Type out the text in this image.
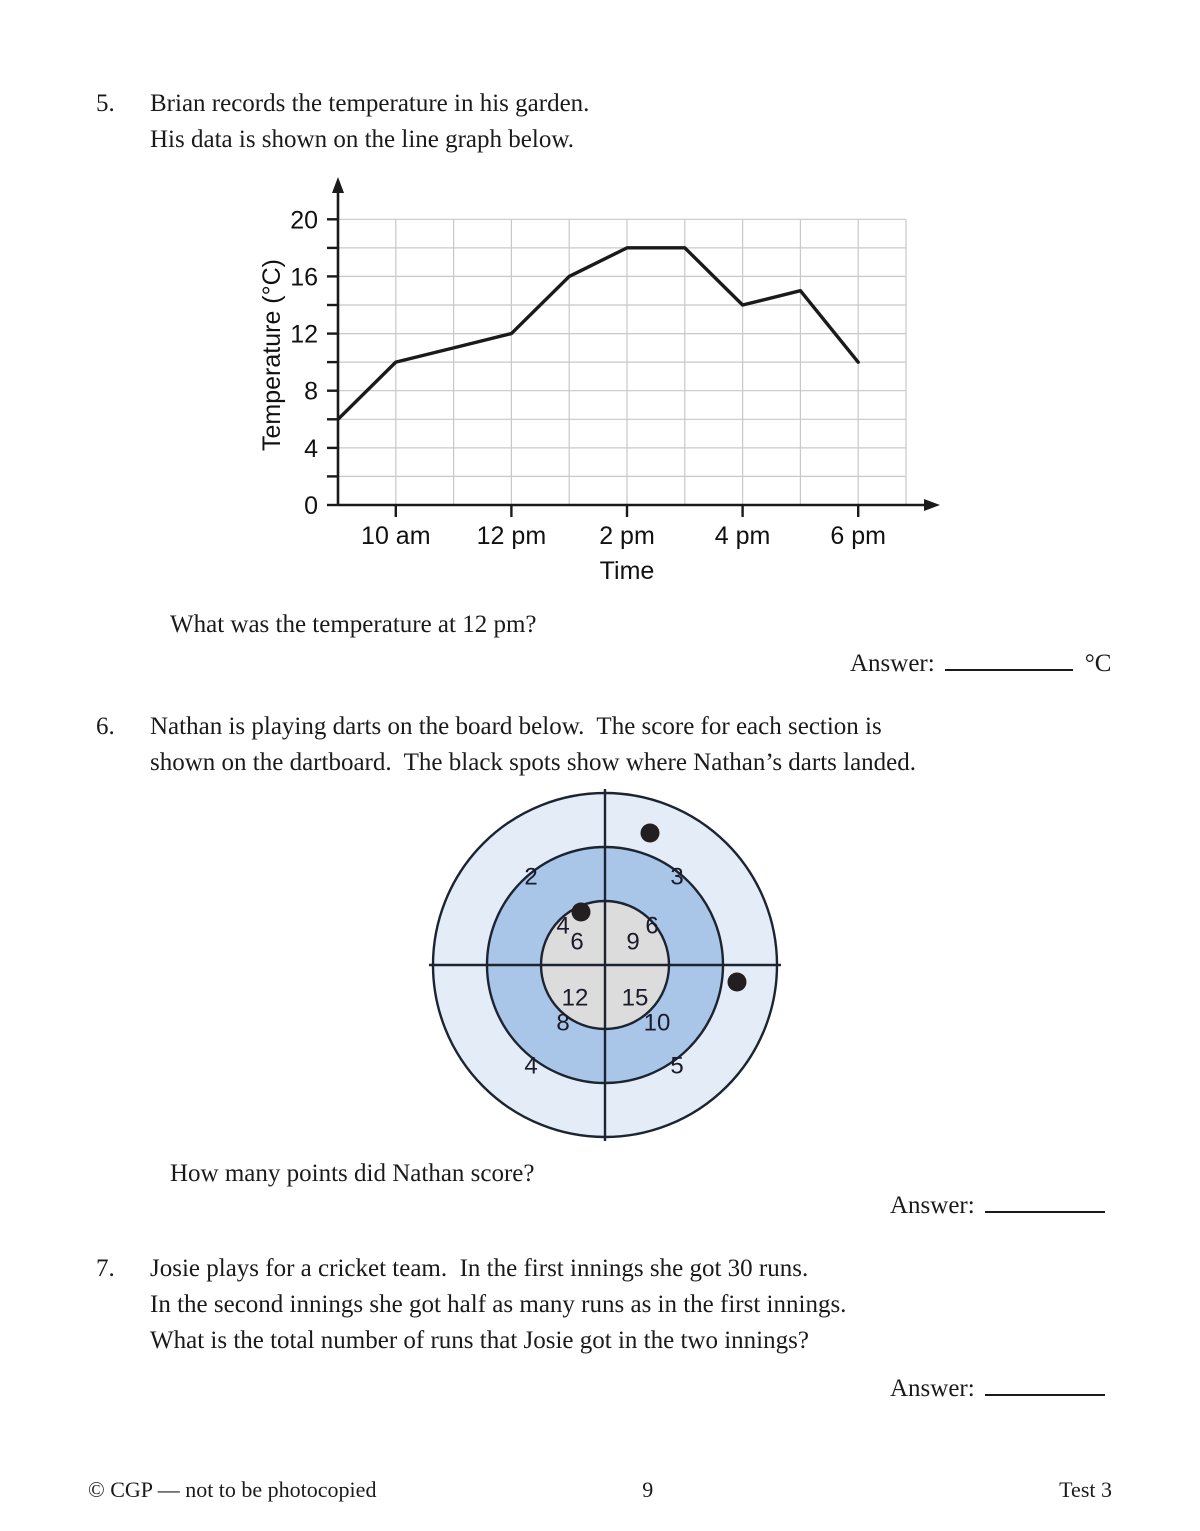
5.	Brian records the temperature in his garden.
His data is shown on the line graph below.
0
4
8
12
16
20
10 am 12 pm 2 pm 4 pm 6 pm
Time
Temperature (°C)
What was the temperature at 12 pm?
Answer:	°C
6.	Nathan is playing darts on the board below.  The score for each section is
shown on the dartboard.  The black spots show where Nathan’s darts landed.
2	3
4	5
4	6
8	10
6 9
12 15
How many points did Nathan score?
Answer:
7.	Josie plays for a cricket team.  In the first innings she got 30 runs.
In the second innings she got half as many runs as in the first innings.
What is the total number of runs that Josie got in the two innings?
Answer:
© CGP — not to be photocopied	9	Test 3
